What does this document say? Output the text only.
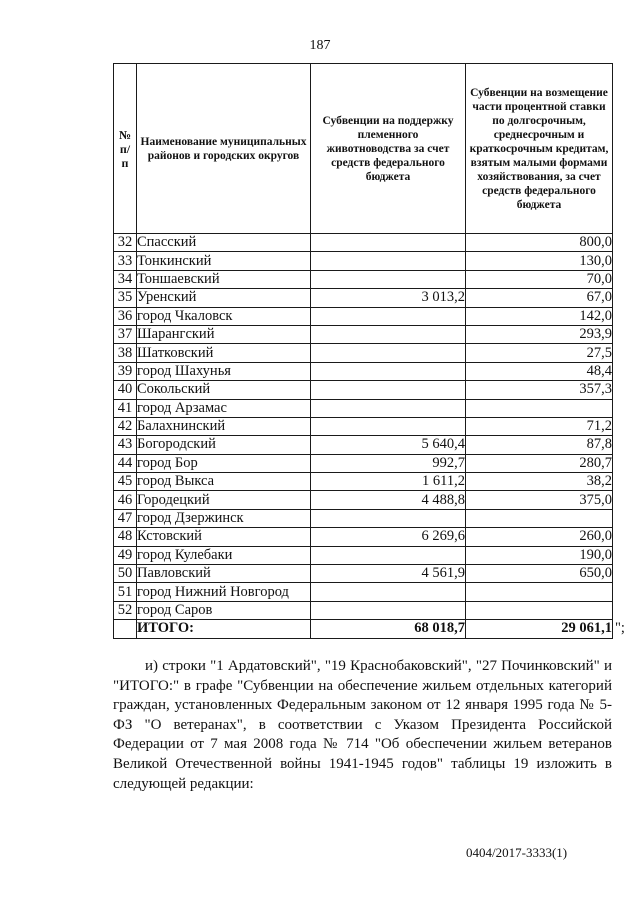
187
№ п/п	Наименование муниципальных районов и городских округов	Субвенции на поддержку племенного животноводства за счет средств федерального бюджета	Субвенции на возмещение части процентной ставки по долгосрочным, среднесрочным и краткосрочным кредитам, взятым малыми формами хозяйствования, за счет средств федерального бюджета
32	Спасский		800,0
33	Тонкинский		130,0
34	Тоншаевский		70,0
35	Уренский	3 013,2	67,0
36	город Чкаловск		142,0
37	Шарангский		293,9
38	Шатковский		27,5
39	город Шахунья		48,4
40	Сокольский		357,3
41	город Арзамас		
42	Балахнинский		71,2
43	Богородский	5 640,4	87,8
44	город Бор	992,7	280,7
45	город Выкса	1 611,2	38,2
46	Городецкий	4 488,8	375,0
47	город Дзержинск		
48	Кстовский	6 269,6	260,0
49	город Кулебаки		190,0
50	Павловский	4 561,9	650,0
51	город Нижний Новгород		
52	город Саров		
	ИТОГО:	68 018,7	29 061,1 ";

и) строки "1 Ардатовский", "19 Краснобаковский", "27 Починковский" и "ИТОГО:" в графе "Субвенции на обеспечение жильем отдельных категорий граждан, установленных Федеральным законом от 12 января 1995 года № 5-ФЗ "О ветеранах", в соответствии с Указом Президента Российской Федерации от 7 мая 2008 года № 714 "Об обеспечении жильем ветеранов Великой Отечественной войны 1941-1945 годов" таблицы 19 изложить в следующей редакции:

0404/2017-3333(1)
